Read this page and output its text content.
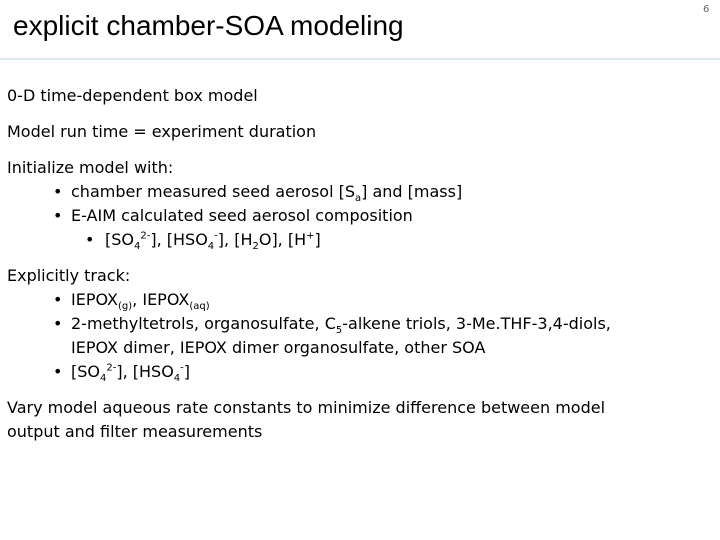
6
explicit chamber-SOA modeling
0-D time-dependent box model
Model run time = experiment duration
Initialize model with:
• chamber measured seed aerosol $[S_a]$ and [mass]
• E-AIM calculated seed aerosol composition
• $[SO_4^{2-}]$, $[HSO_4^-]$, $[H_2O]$, [H+]
Explicitly track:
• $IEPOX_{(g)}$, $IEPOX_{(aq)}$
• 2-methyltetrols, organosulfate, $C_5$-alkene triols, 3-Me.THF-3,4-diols,
IEPOX dimer, IEPOX dimer organosulfate, other SOA
• $[SO_4^{2-}]$, $[HSO_4^-]$
Vary model aqueous rate constants to minimize difference between model
output and filter measurements
